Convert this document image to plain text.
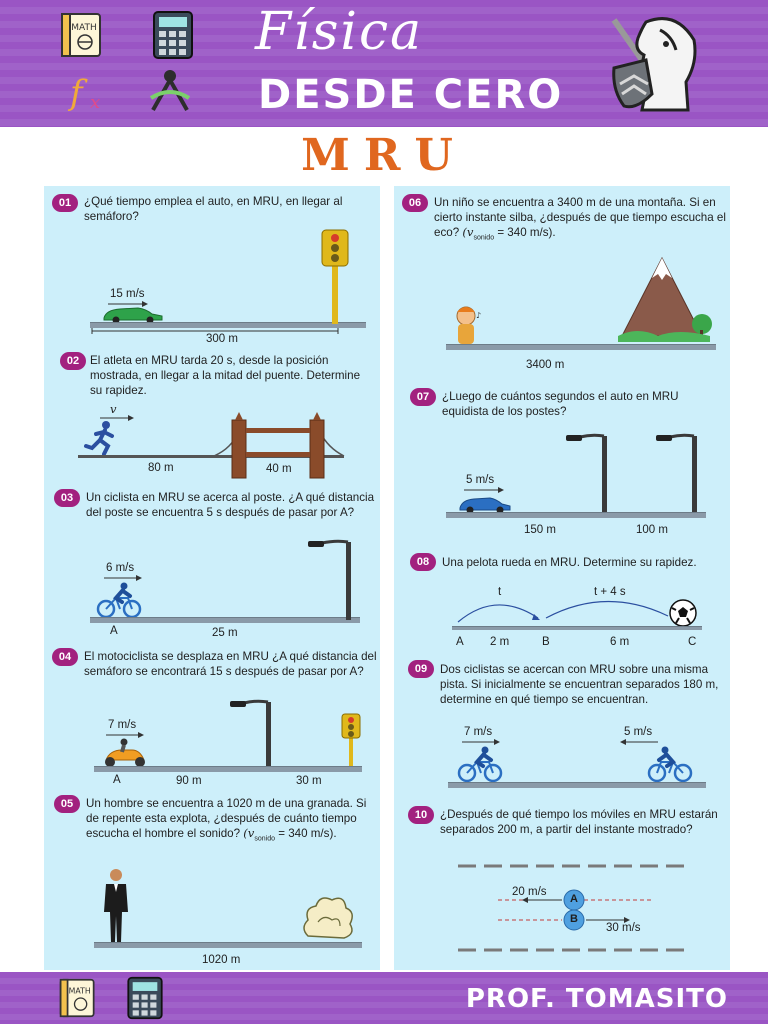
MATH
f x
Física
DESDE CERO
MRU
01	¿Qué tiempo emplea el auto, en MRU, en llegar al semáforo?
15 m/s
300 m
02 El atleta en MRU tarda 20 s, desde la posición mostrada, en llegar a la mitad del puente. Determine su rapidez.
v
80 m	40 m
03	Un ciclista en MRU se acerca al poste. ¿A qué distancia del poste se encuentra 5 s después de pasar por A?
6 m/s
A	25 m
04	El motociclista se desplaza en MRU ¿A qué distancia del semáforo se encontrará 15 s después de pasar por A?
7 m/s
A	90 m	30 m
05	Un hombre se encuentra a 1020 m de una granada. Si de repente esta explota, ¿después de cuánto tiempo escucha el hombre el sonido? ($v_{sonido} = 340$ m/s).
1020 m
06	Un niño se encuentra a 3400 m de una montaña. Si en cierto instante silba, ¿después de que tiempo escucha el eco? ($v_{sonido} = 340$ m/s).
♪
3400 m
07	¿Luego de cuántos segundos el auto en MRU equidista de los postes?
5 m/s
150 m	100 m
08	Una pelota rueda en MRU. Determine su rapidez.
t	t + 4 s
A 2 m	B	6 m	C
09	Dos ciclistas se acercan con MRU sobre una misma pista. Si inicialmente se encuentran separados 180 m, determine en qué tiempo se encuentran.
7 m/s	5 m/s
10	¿Después de qué tiempo los móviles en MRU estarán separados 200 m, a partir del instante mostrado?
20 m/s
A
B
30 m/s
MATH	PROF. TOMASITO
